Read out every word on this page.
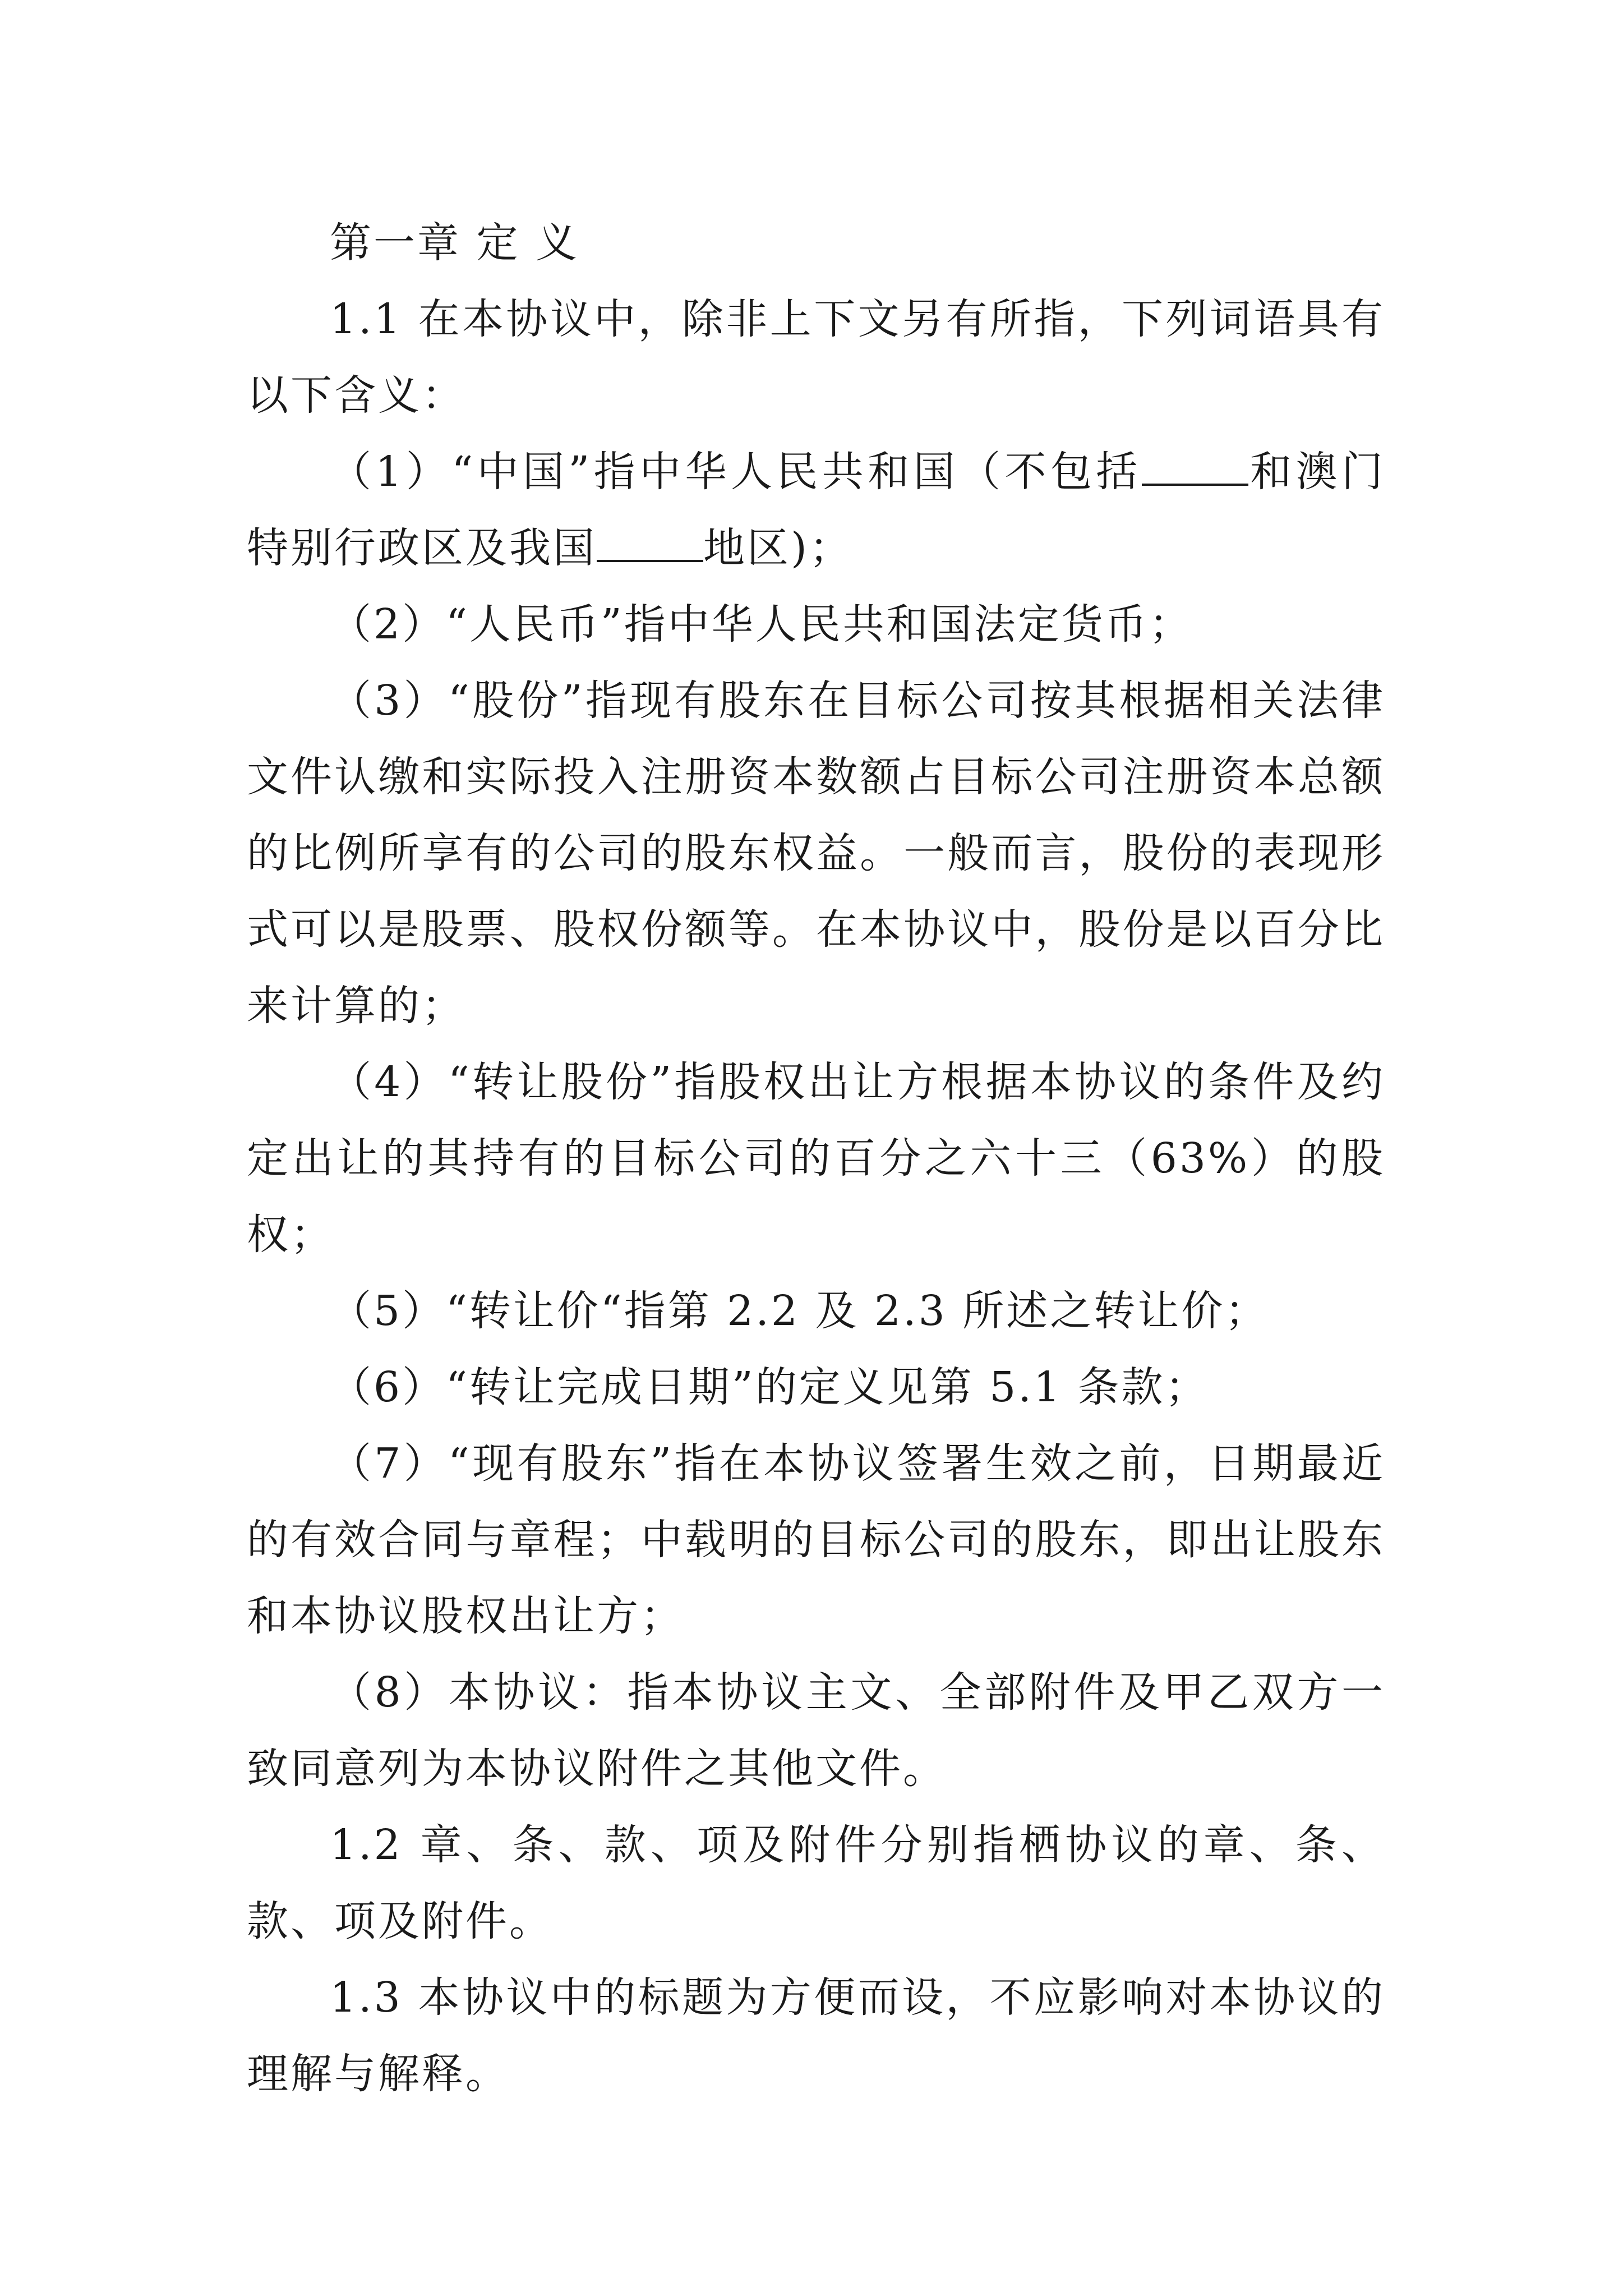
第一章 定 义

1.1 在本协议中，除非上下文另有所指，下列词语具有以下含义：

（1）“中国”指中华人民共和国（不包括	和澳门特别行政区及我国	地区)；

（2）“人民币”指中华人民共和国法定货币；

（3）“股份”指现有股东在目标公司按其根据相关法律文件认缴和实际投入注册资本数额占目标公司注册资本总额的比例所享有的公司的股东权益。一般而言，股份的表现形式可以是股票、股权份额等。在本协议中，股份是以百分比来计算的；

（4）“转让股份”指股权出让方根据本协议的条件及约定出让的其持有的目标公司的百分之六十三（63%）的股权；

（5）“转让价“指第 2.2 及 2.3 所述之转让价；

（6）“转让完成日期”的定义见第 5.1 条款；

（7）“现有股东”指在本协议签署生效之前，日期最近的有效合同与章程；中载明的目标公司的股东，即出让股东和本协议股权出让方；

（8）本协议：指本协议主文、全部附件及甲乙双方一致同意列为本协议附件之其他文件。

1.2 章、条、款、项及附件分别指栖协议的章、条、款、项及附件。

1.3 本协议中的标题为方便而设，不应影响对本协议的理解与解释。
